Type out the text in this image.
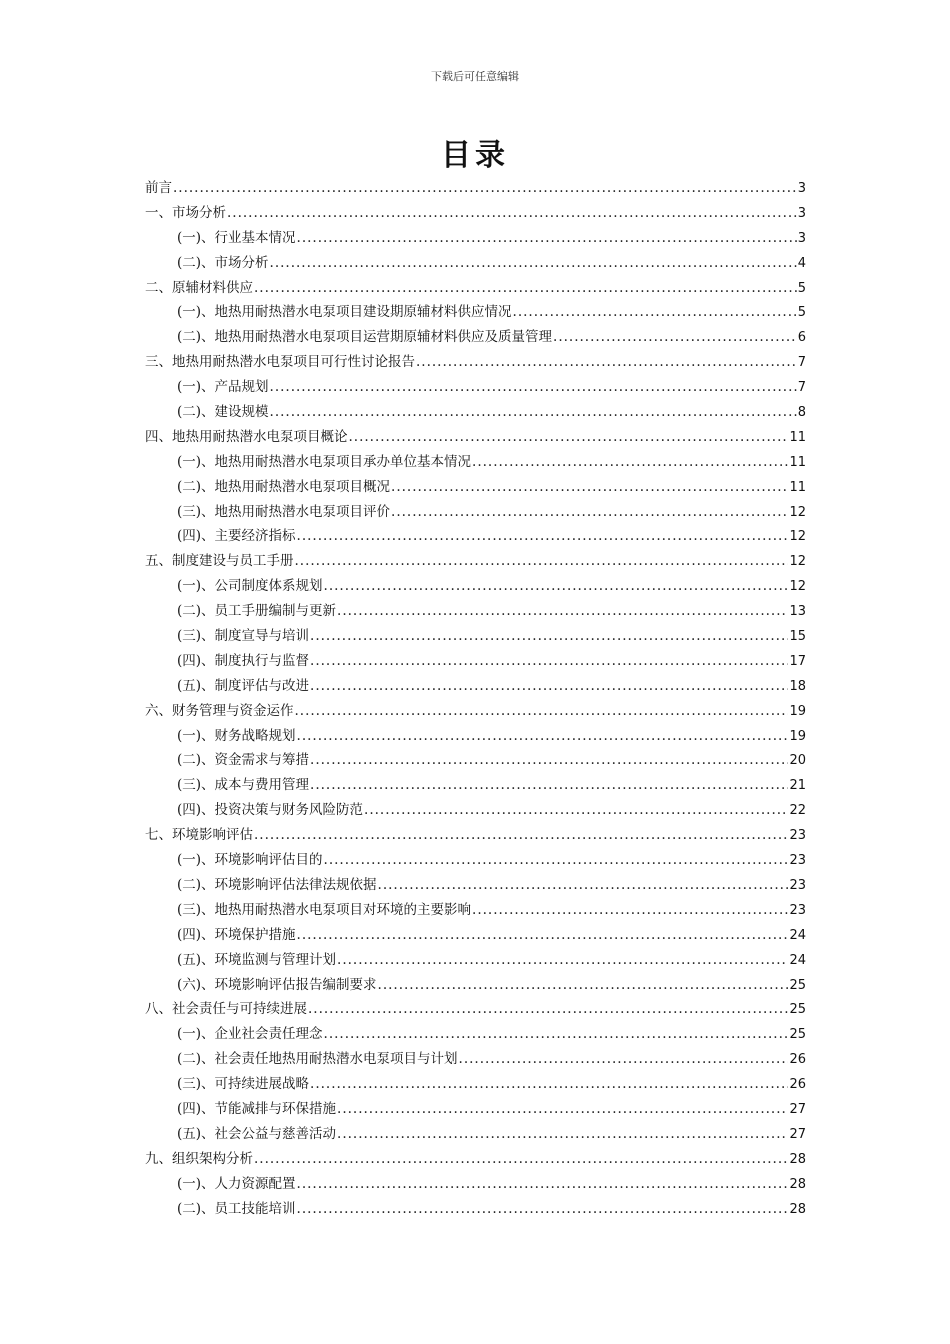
下载后可任意编辑
目录
前言 .....	3
一、市场分析 .....	3
(一)、行业基本情况 .....	3
(二)、市场分析 .....	4
二、原辅材料供应 .....	5
(一)、地热用耐热潜水电泵项目建设期原辅材料供应情况 .....	5
(二)、地热用耐热潜水电泵项目运营期原辅材料供应及质量管理 .....	6
三、地热用耐热潜水电泵项目可行性讨论报告 .....	7
(一)、产品规划 .....	7
(二)、建设规模 .....	8
四、地热用耐热潜水电泵项目概论 .....	11
(一)、地热用耐热潜水电泵项目承办单位基本情况 .....	11
(二)、地热用耐热潜水电泵项目概况 .....	11
(三)、地热用耐热潜水电泵项目评价 .....	12
(四)、主要经济指标 .....	12
五、制度建设与员工手册 .....	12
(一)、公司制度体系规划 .....	12
(二)、员工手册编制与更新 .....	13
(三)、制度宣导与培训 .....	15
(四)、制度执行与监督 .....	17
(五)、制度评估与改进 .....	18
六、财务管理与资金运作 .....	19
(一)、财务战略规划 .....	19
(二)、资金需求与筹措 .....	20
(三)、成本与费用管理 .....	21
(四)、投资决策与财务风险防范 .....	22
七、环境影响评估 .....	23
(一)、环境影响评估目的 .....	23
(二)、环境影响评估法律法规依据 .....	23
(三)、地热用耐热潜水电泵项目对环境的主要影响 .....	23
(四)、环境保护措施 .....	24
(五)、环境监测与管理计划 .....	24
(六)、环境影响评估报告编制要求 .....	25
八、社会责任与可持续进展 .....	25
(一)、企业社会责任理念 .....	25
(二)、社会责任地热用耐热潜水电泵项目与计划 .....	26
(三)、可持续进展战略 .....	26
(四)、节能减排与环保措施 .....	27
(五)、社会公益与慈善活动 .....	27
九、组织架构分析 .....	28
(一)、人力资源配置 .....	28
(二)、员工技能培训 .....	28
